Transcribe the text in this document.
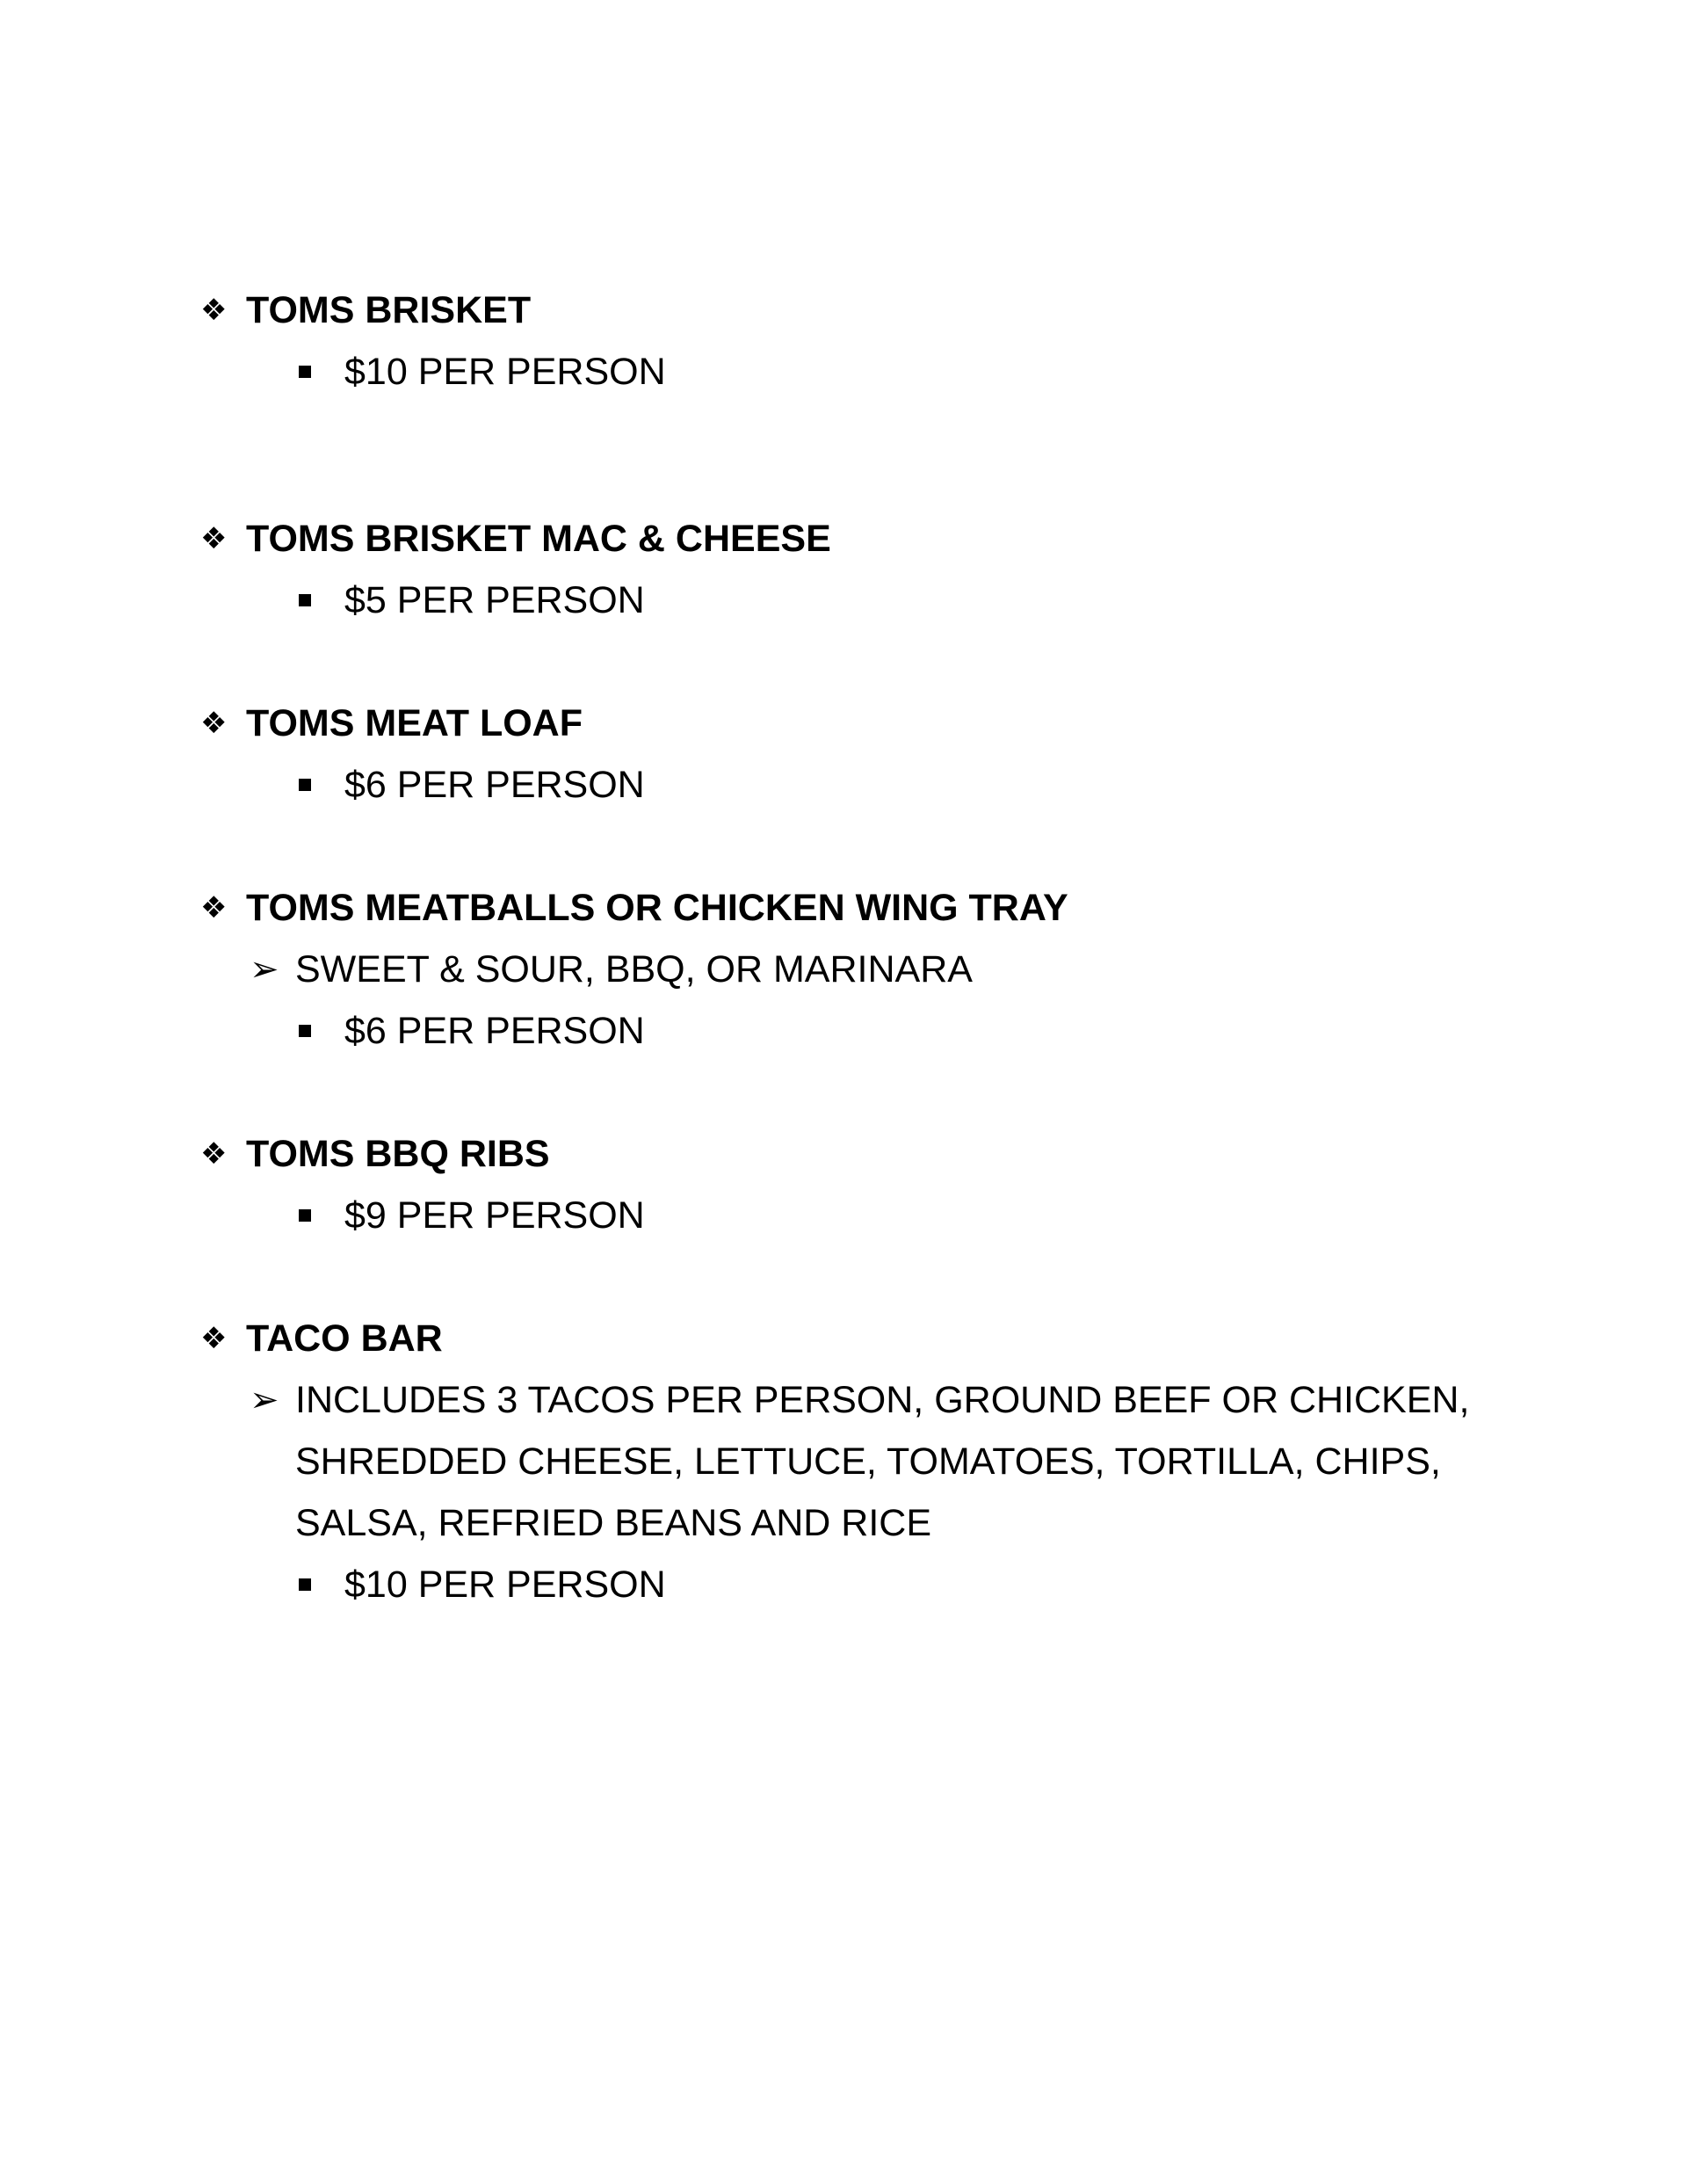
❖ TOMS BRISKET
$10 PER PERSON
❖ TOMS BRISKET MAC & CHEESE
$5 PER PERSON
❖ TOMS MEAT LOAF
$6 PER PERSON
❖ TOMS MEATBALLS OR CHICKEN WING TRAY
➢ SWEET & SOUR, BBQ, OR MARINARA
$6 PER PERSON
❖ TOMS BBQ RIBS
$9 PER PERSON
❖ TACO BAR
➢ INCLUDES 3 TACOS PER PERSON, GROUND BEEF OR CHICKEN,
SHREDDED CHEESE, LETTUCE, TOMATOES, TORTILLA, CHIPS,
SALSA, REFRIED BEANS AND RICE
$10 PER PERSON
